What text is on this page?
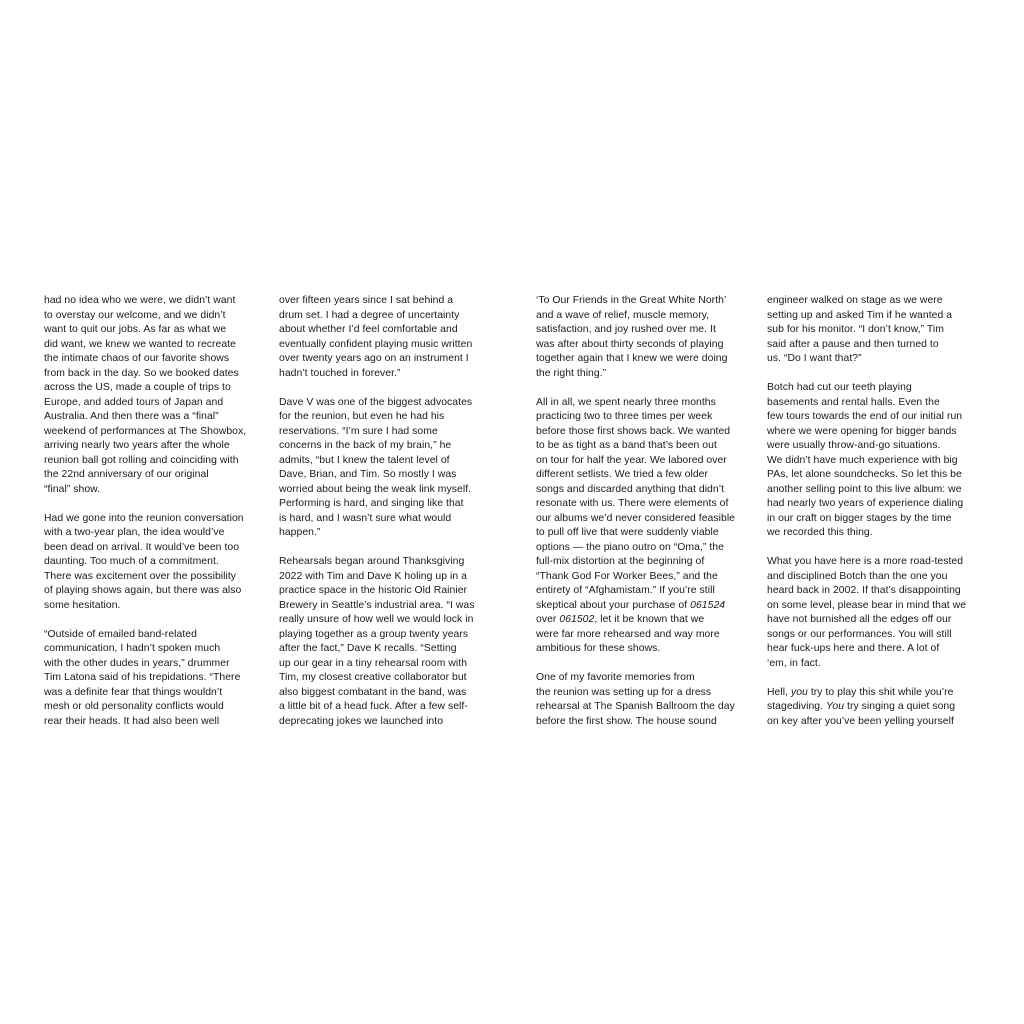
had no idea who we were, we didn’t want
to overstay our welcome, and we didn’t
want to quit our jobs. As far as what we
did want, we knew we wanted to recreate
the intimate chaos of our favorite shows
from back in the day. So we booked dates
across the US, made a couple of trips to
Europe, and added tours of Japan and
Australia. And then there was a “final”
weekend of performances at The Showbox,
arriving nearly two years after the whole
reunion ball got rolling and coinciding with
the 22nd anniversary of our original
“final” show.
Had we gone into the reunion conversation
with a two-year plan, the idea would’ve
been dead on arrival. It would’ve been too
daunting. Too much of a commitment.
There was excitement over the possibility
of playing shows again, but there was also
some hesitation.
“Outside of emailed band-related
communication, I hadn’t spoken much
with the other dudes in years,” drummer
Tim Latona said of his trepidations. “There
was a definite fear that things wouldn’t
mesh or old personality conflicts would
rear their heads. It had also been well
over fifteen years since I sat behind a
drum set. I had a degree of uncertainty
about whether I’d feel comfortable and
eventually confident playing music written
over twenty years ago on an instrument I
hadn’t touched in forever.”
Dave V was one of the biggest advocates
for the reunion, but even he had his
reservations. “I’m sure I had some
concerns in the back of my brain,” he
admits, “but I knew the talent level of
Dave, Brian, and Tim. So mostly I was
worried about being the weak link myself.
Performing is hard, and singing like that
is hard, and I wasn’t sure what would
happen.”
Rehearsals began around Thanksgiving
2022 with Tim and Dave K holing up in a
practice space in the historic Old Rainier
Brewery in Seattle’s industrial area. “I was
really unsure of how well we would lock in
playing together as a group twenty years
after the fact,” Dave K recalls. “Setting
up our gear in a tiny rehearsal room with
Tim, my closest creative collaborator but
also biggest combatant in the band, was
a little bit of a head fuck. After a few self-
deprecating jokes we launched into
‘To Our Friends in the Great White North’
and a wave of relief, muscle memory,
satisfaction, and joy rushed over me. It
was after about thirty seconds of playing
together again that I knew we were doing
the right thing.”
All in all, we spent nearly three months
practicing two to three times per week
before those first shows back. We wanted
to be as tight as a band that’s been out
on tour for half the year. We labored over
different setlists. We tried a few older
songs and discarded anything that didn’t
resonate with us. There were elements of
our albums we’d never considered feasible
to pull off live that were suddenly viable
options — the piano outro on “Oma,” the
full-mix distortion at the beginning of
“Thank God For Worker Bees,” and the
entirety of “Afghamistam.” If you’re still
skeptical about your purchase of 061524
over 061502, let it be known that we
were far more rehearsed and way more
ambitious for these shows.
One of my favorite memories from
the reunion was setting up for a dress
rehearsal at The Spanish Ballroom the day
before the first show. The house sound
engineer walked on stage as we were
setting up and asked Tim if he wanted a
sub for his monitor. “I don’t know,” Tim
said after a pause and then turned to
us. “Do I want that?”
Botch had cut our teeth playing
basements and rental halls. Even the
few tours towards the end of our initial run
where we were opening for bigger bands
were usually throw-and-go situations.
We didn’t have much experience with big
PAs, let alone soundchecks. So let this be
another selling point to this live album: we
had nearly two years of experience dialing
in our craft on bigger stages by the time
we recorded this thing.
What you have here is a more road-tested
and disciplined Botch than the one you
heard back in 2002. If that’s disappointing
on some level, please bear in mind that we
have not burnished all the edges off our
songs or our performances. You will still
hear fuck-ups here and there. A lot of
‘em, in fact.
Hell, you try to play this shit while you’re
stagediving. You try singing a quiet song
on key after you’ve been yelling yourself
